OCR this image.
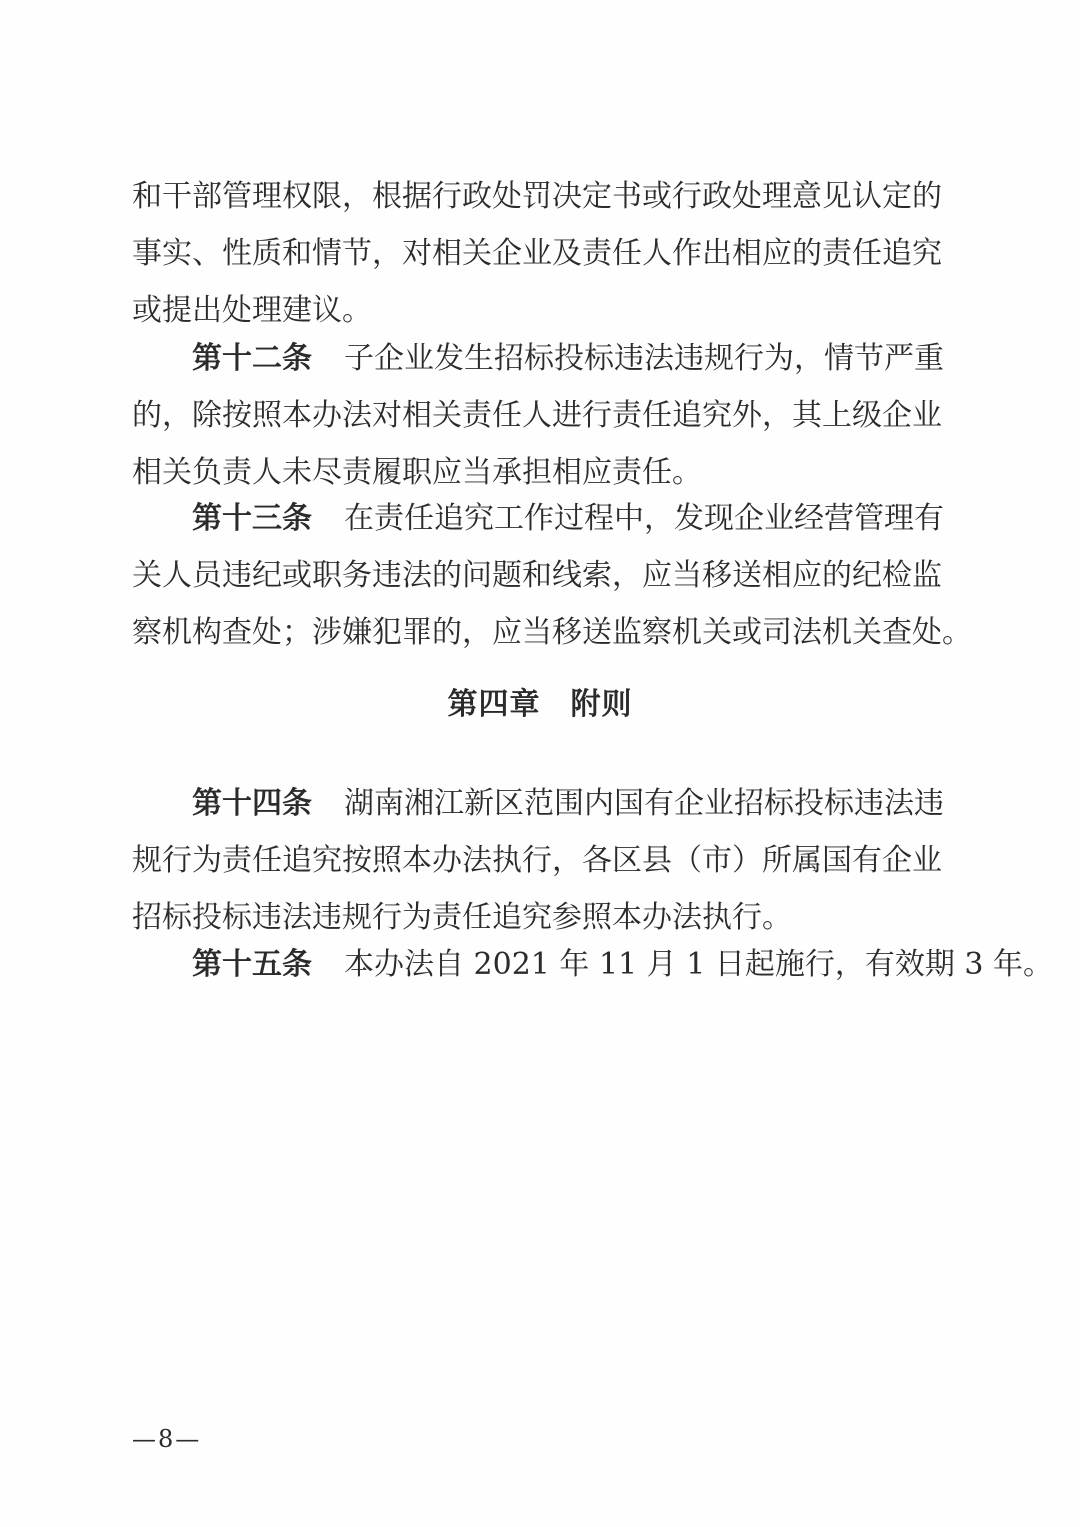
和干部管理权限，根据行政处罚决定书或行政处理意见认定的
事实、性质和情节，对相关企业及责任人作出相应的责任追究
或提出处理建议。
第十二条 子企业发生招标投标违法违规行为，情节严重
的，除按照本办法对相关责任人进行责任追究外，其上级企业
相关负责人未尽责履职应当承担相应责任。
第十三条 在责任追究工作过程中，发现企业经营管理有
关人员违纪或职务违法的问题和线索，应当移送相应的纪检监
察机构查处；涉嫌犯罪的，应当移送监察机关或司法机关查处。
第四章 附则
第十四条 湖南湘江新区范围内国有企业招标投标违法违
规行为责任追究按照本办法执行，各区县（市）所属国有企业
招标投标违法违规行为责任追究参照本办法执行。
第十五条 本办法自 2021 年 11 月 1 日起施行，有效期 3 年。
—8—
